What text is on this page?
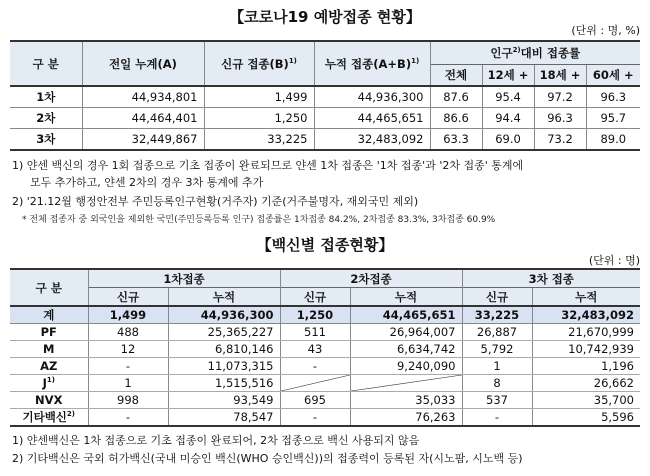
【코로나19 예방접종 현황】
(단위 : 명, %)
구 분	전일 누계(A)	신규 접종$(B)^{1)}$	누적 접종$(A+B)^{1)}$	인구$^{2)}$대비 접종률			
				전체	12세 +	18세 +	60세 +
1차	44,934,801	1,499	44,936,300	87.6	95.4	97.2	96.3
2차	44,464,401	1,250	44,465,651	86.6	94.4	96.3	95.7
3차	32,449,867	33,225	32,483,092	63.3	69.0	73.2	89.0
1) 얀센 백신의 경우 1회 접종으로 기초 접종이 완료되므로 얀센 1차 접종은 '1차 접종'과 '2차 접종' 통계에
모두 추가하고, 얀센 2차의 경우 3차 통계에 추가
2) '21.12월 행정안전부 주민등록인구현황(거주자) 기준(거주불명자, 재외국민 제외)
* 전체 접종자 중 외국인을 제외한 국민(주민등록등록 인구) 접종률은 1차접종 84.2%, 2차접종 83.3%, 3차접종 60.9%
【백신별 접종현황】
(단위 : 명)
구 분	1차접종		2차접종		3차 접종	
	신규	누적	신규	누적	신규	누적
계	1,499	44,936,300	1,250	44,465,651	33,225	32,483,092
PF	488	25,365,227	511	26,964,007	26,887	21,670,999
M	12	6,810,146	43	6,634,742	5,792	10,742,939
AZ	-	11,073,315	-	9,240,090	1	1,196
$J^{1)}$	1	1,515,516			8	26,662
NVX	998	93,549	695	35,033	537	35,700
기타백신$^{2)}$	-	78,547	-	76,263	-	5,596
1) 얀센백신은 1차 접종으로 기초 접종이 완료되어, 2차 접종으로 백신 사용되지 않음
2) 기타백신은 국외 허가백신(국내 미승인 백신(WHO 승인백신))의 접종력이 등록된 자(시노팜, 시노백 등)
